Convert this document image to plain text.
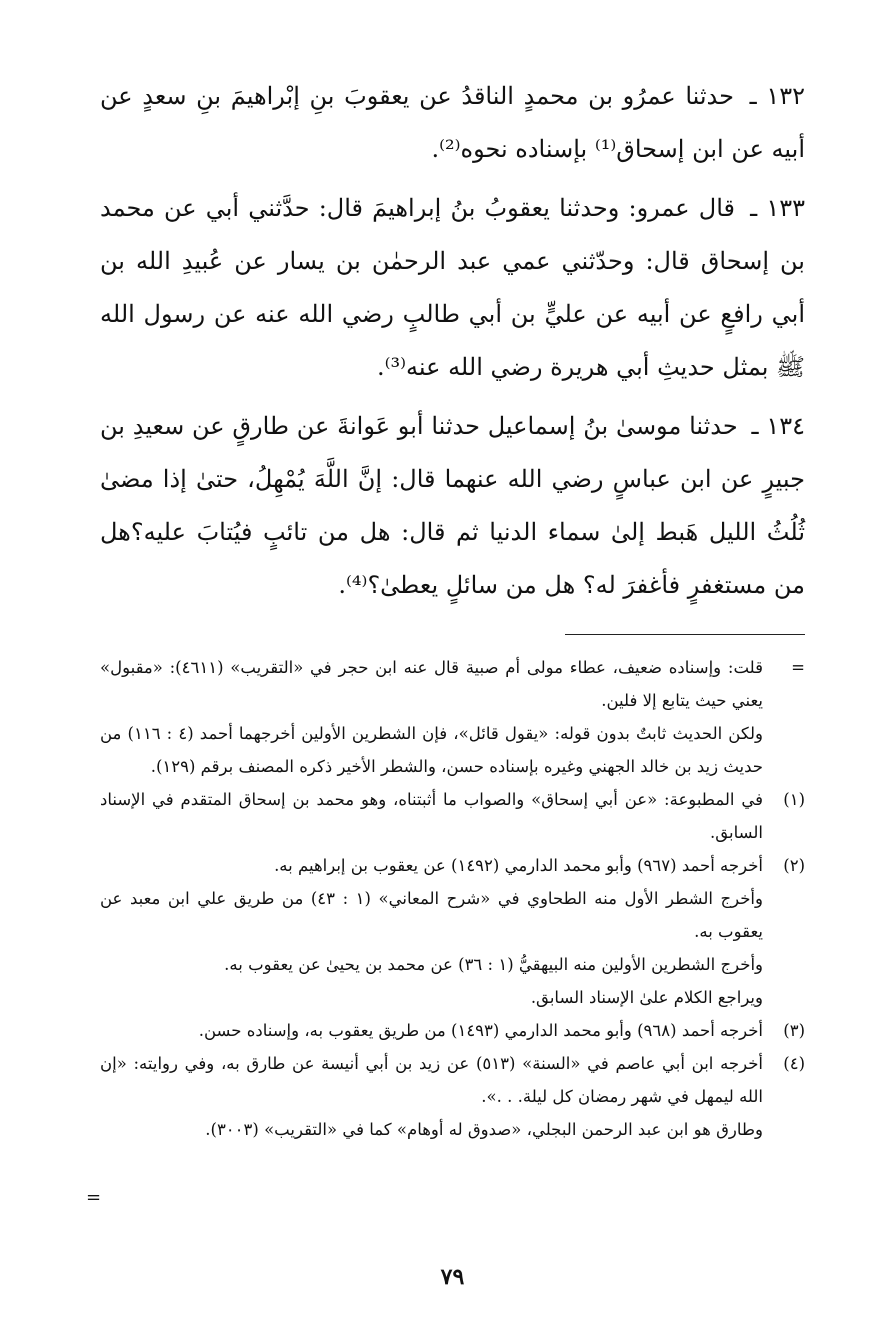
١٣٢ ـ حدثنا عمرُو بن محمدٍ الناقدُ عن يعقوبَ بنِ إبْراهيمَ بنِ سعدٍ عن أبيه عن ابن إسحاق⁽¹⁾ بإسناده نحوه⁽²⁾.

١٣٣ ـ قال عمرو: وحدثنا يعقوبُ بنُ إبراهيمَ قال: حدَّثني أبي عن محمد بن إسحاق قال: وحدّثني عمي عبد الرحمٰن بن يسار عن عُبيدِ الله بن أبي رافعٍ عن أبيه عن عليٍّ بن أبي طالبٍ رضي الله عنه عن رسول الله ﷺ بمثل حديثِ أبي هريرة رضي الله عنه⁽³⁾.

١٣٤ ـ حدثنا موسىٰ بنُ إسماعيل حدثنا أبو عَوانةَ عن طارقٍ عن سعيدِ بن جبيرٍ عن ابن عباسٍ رضي الله عنهما قال: إنَّ اللَّهَ يُمْهِلُ، حتىٰ إذا مضىٰ ثُلُثُ الليل هَبط إلىٰ سماء الدنيا ثم قال: هل من تائبٍ فيُتابَ عليه؟هل من مستغفرٍ فأغفرَ له؟ هل من سائلٍ يعطىٰ؟⁽⁴⁾.

=

قلت: وإسناده ضعيف، عطاء مولى أم صبية قال عنه ابن حجر في «التقريب» (٤٦١١): «مقبول» يعني حيث يتابع إلا فلين.

ولكن الحديث ثابتٌ بدون قوله: «يقول قائل»، فإن الشطرين الأولين أخرجهما أحمد (٤ : ١١٦) من حديث زيد بن خالد الجهني وغيره بإسناده حسن، والشطر الأخير ذكره المصنف برقم (١٢٩).

(١)

في المطبوعة: «عن أبي إسحاق» والصواب ما أثبتناه، وهو محمد بن إسحاق المتقدم في الإسناد السابق.

(٢)

أخرجه أحمد (٩٦٧) وأبو محمد الدارمي (١٤٩٢) عن يعقوب بن إبراهيم به.

وأخرج الشطر الأول منه الطحاوي في «شرح المعاني» (١ : ٤٣) من طريق علي ابن معبد عن يعقوب به.

وأخرج الشطرين الأولين منه البيهقيُّ (١ : ٣٦) عن محمد بن يحيىٰ عن يعقوب به.

ويراجع الكلام علىٰ الإسناد السابق.

(٣)

أخرجه أحمد (٩٦٨) وأبو محمد الدارمي (١٤٩٣) من طريق يعقوب به، وإسناده حسن.

(٤)

أخرجه ابن أبي عاصم في «السنة» (٥١٣) عن زيد بن أبي أنيسة عن طارق به، وفي روايته: «إن الله ليمهل في شهر رمضان كل ليلة. . .».

وطارق هو ابن عبد الرحمن البجلي، «صدوق له أوهام» كما في «التقريب» (٣٠٠٣).

=
٧٩
